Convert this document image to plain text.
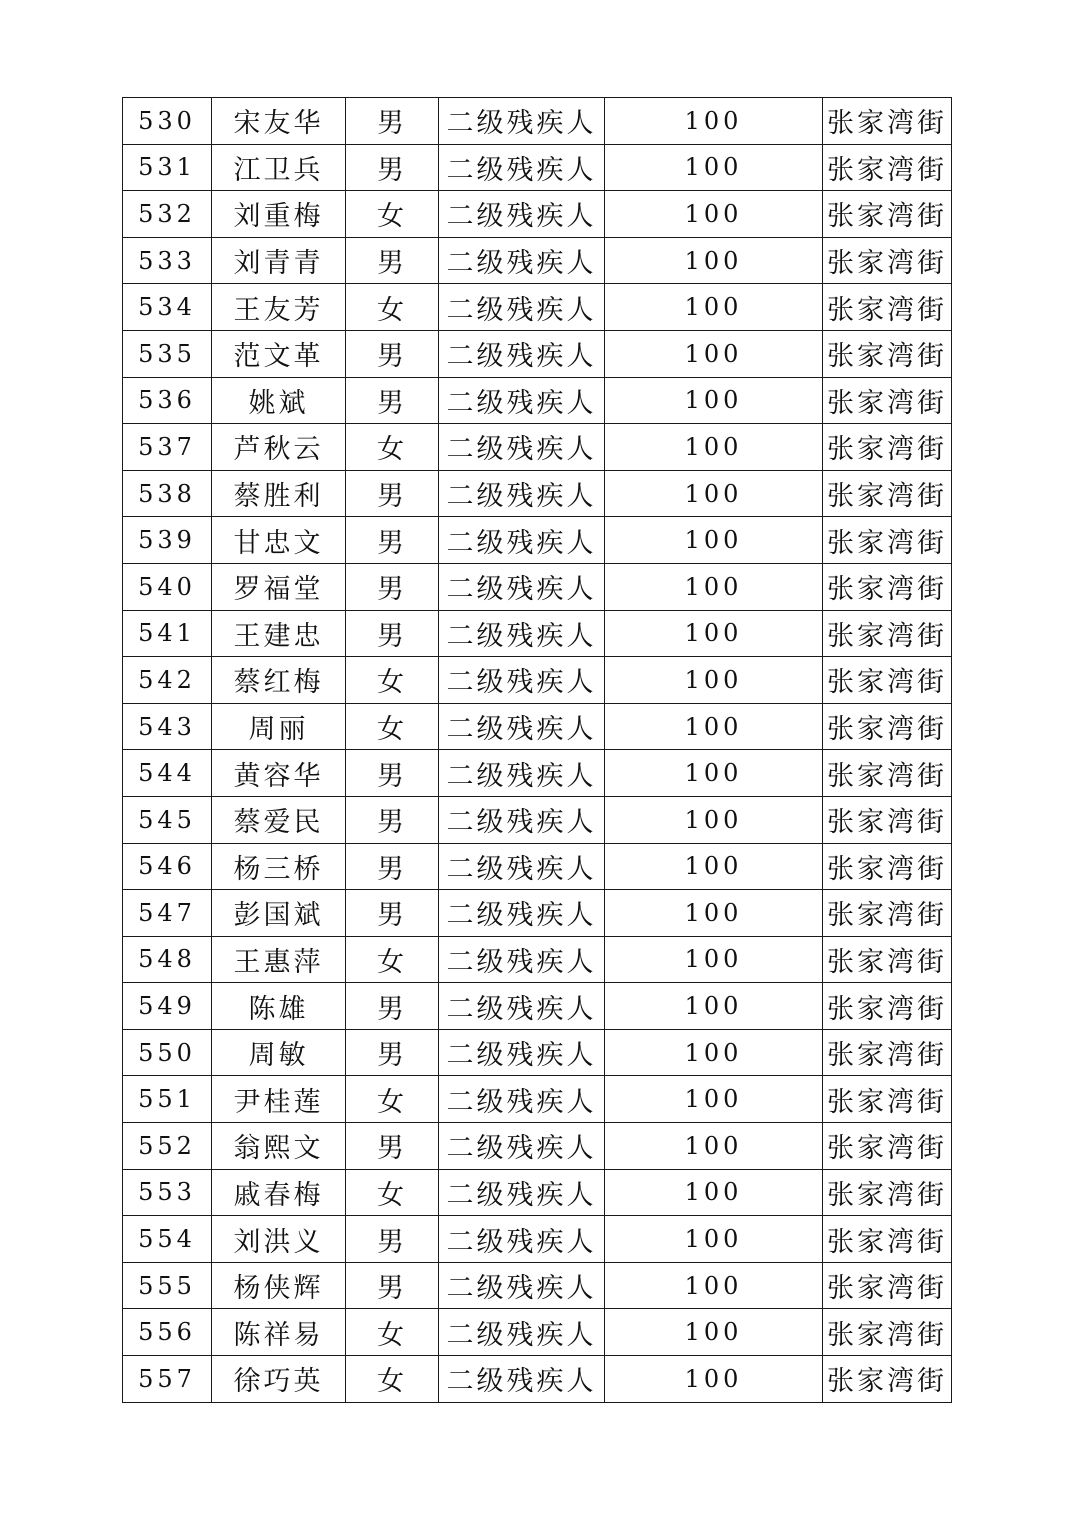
530	宋友华	男	二级残疾人	100	张家湾街
531	江卫兵	男	二级残疾人	100	张家湾街
532	刘重梅	女	二级残疾人	100	张家湾街
533	刘青青	男	二级残疾人	100	张家湾街
534	王友芳	女	二级残疾人	100	张家湾街
535	范文革	男	二级残疾人	100	张家湾街
536	姚斌	男	二级残疾人	100	张家湾街
537	芦秋云	女	二级残疾人	100	张家湾街
538	蔡胜利	男	二级残疾人	100	张家湾街
539	甘忠文	男	二级残疾人	100	张家湾街
540	罗福堂	男	二级残疾人	100	张家湾街
541	王建忠	男	二级残疾人	100	张家湾街
542	蔡红梅	女	二级残疾人	100	张家湾街
543	周丽	女	二级残疾人	100	张家湾街
544	黄容华	男	二级残疾人	100	张家湾街
545	蔡爱民	男	二级残疾人	100	张家湾街
546	杨三桥	男	二级残疾人	100	张家湾街
547	彭国斌	男	二级残疾人	100	张家湾街
548	王惠萍	女	二级残疾人	100	张家湾街
549	陈雄	男	二级残疾人	100	张家湾街
550	周敏	男	二级残疾人	100	张家湾街
551	尹桂莲	女	二级残疾人	100	张家湾街
552	翁熙文	男	二级残疾人	100	张家湾街
553	戚春梅	女	二级残疾人	100	张家湾街
554	刘洪义	男	二级残疾人	100	张家湾街
555	杨侠辉	男	二级残疾人	100	张家湾街
556	陈祥易	女	二级残疾人	100	张家湾街
557	徐巧英	女	二级残疾人	100	张家湾街
